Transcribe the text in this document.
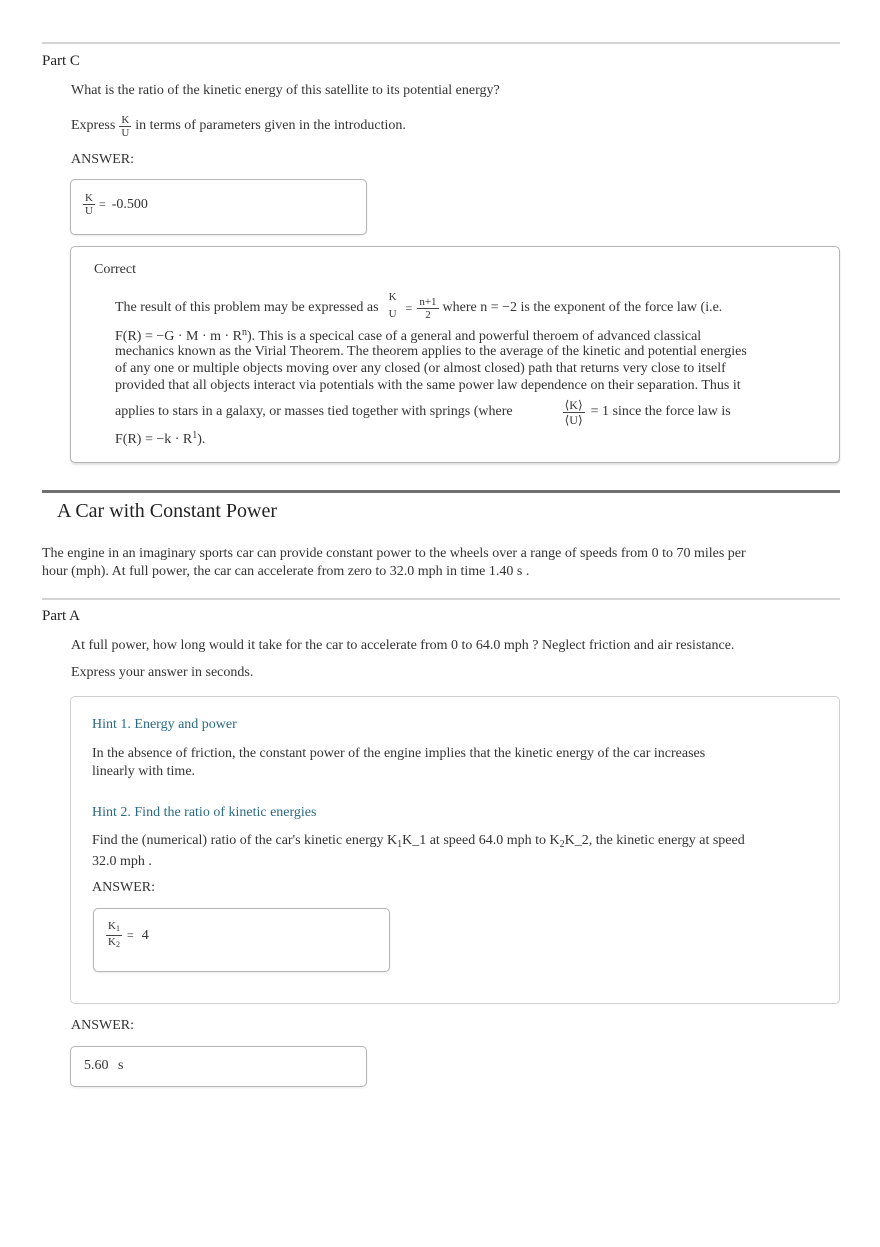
Part C
What is the ratio of the kinetic energy of this satellite to its potential energy?
Express $\frac{K}{U}$ in terms of parameters given in the introduction.
ANSWER:
$\frac{K}{U} = -0.500$
Correct
The result of this problem may be expressed as
K
$U = \frac{n+1}{2}$ where n = −2 is the exponent of the force law (i.e.
$F(R) = -G \cdot M \cdot m \cdot R^n$). This is a specical case of a general and powerful theroem of advanced classical
mechanics known as the Virial Theorem. The theorem applies to the average of the kinetic and potential energies
of any one or multiple objects moving over any closed (or almost closed) path that returns very close to itself
provided that all objects interact via potentials with the same power law dependence on their separation. Thus it
applies to stars in a galaxy, or masses tied together with springs (where	$\frac{⟨K⟩}{⟨U⟩} = 1$ since the force law is
$F(R) = -k \cdot R^1$).
A Car with Constant Power
The engine in an imaginary sports car can provide constant power to the wheels over a range of speeds from 0 to 70 miles per
hour (mph). At full power, the car can accelerate from zero to 32.0 mph in time 1.40 s .
Part A
At full power, how long would it take for the car to accelerate from 0 to 64.0 mph ? Neglect friction and air resistance.
Express your answer in seconds.
Hint 1. Energy and power
In the absence of friction, the constant power of the engine implies that the kinetic energy of the car increases
linearly with time.
Hint 2. Find the ratio of kinetic energies
Find the (numerical) ratio of the car's kinetic energy $K_1K\_1$ at speed 64.0 mph to $K_2K\_2$, the kinetic energy at speed
32.0 mph .
ANSWER:
$\frac{K1}{K2} = 4$
ANSWER:
5.60 s
